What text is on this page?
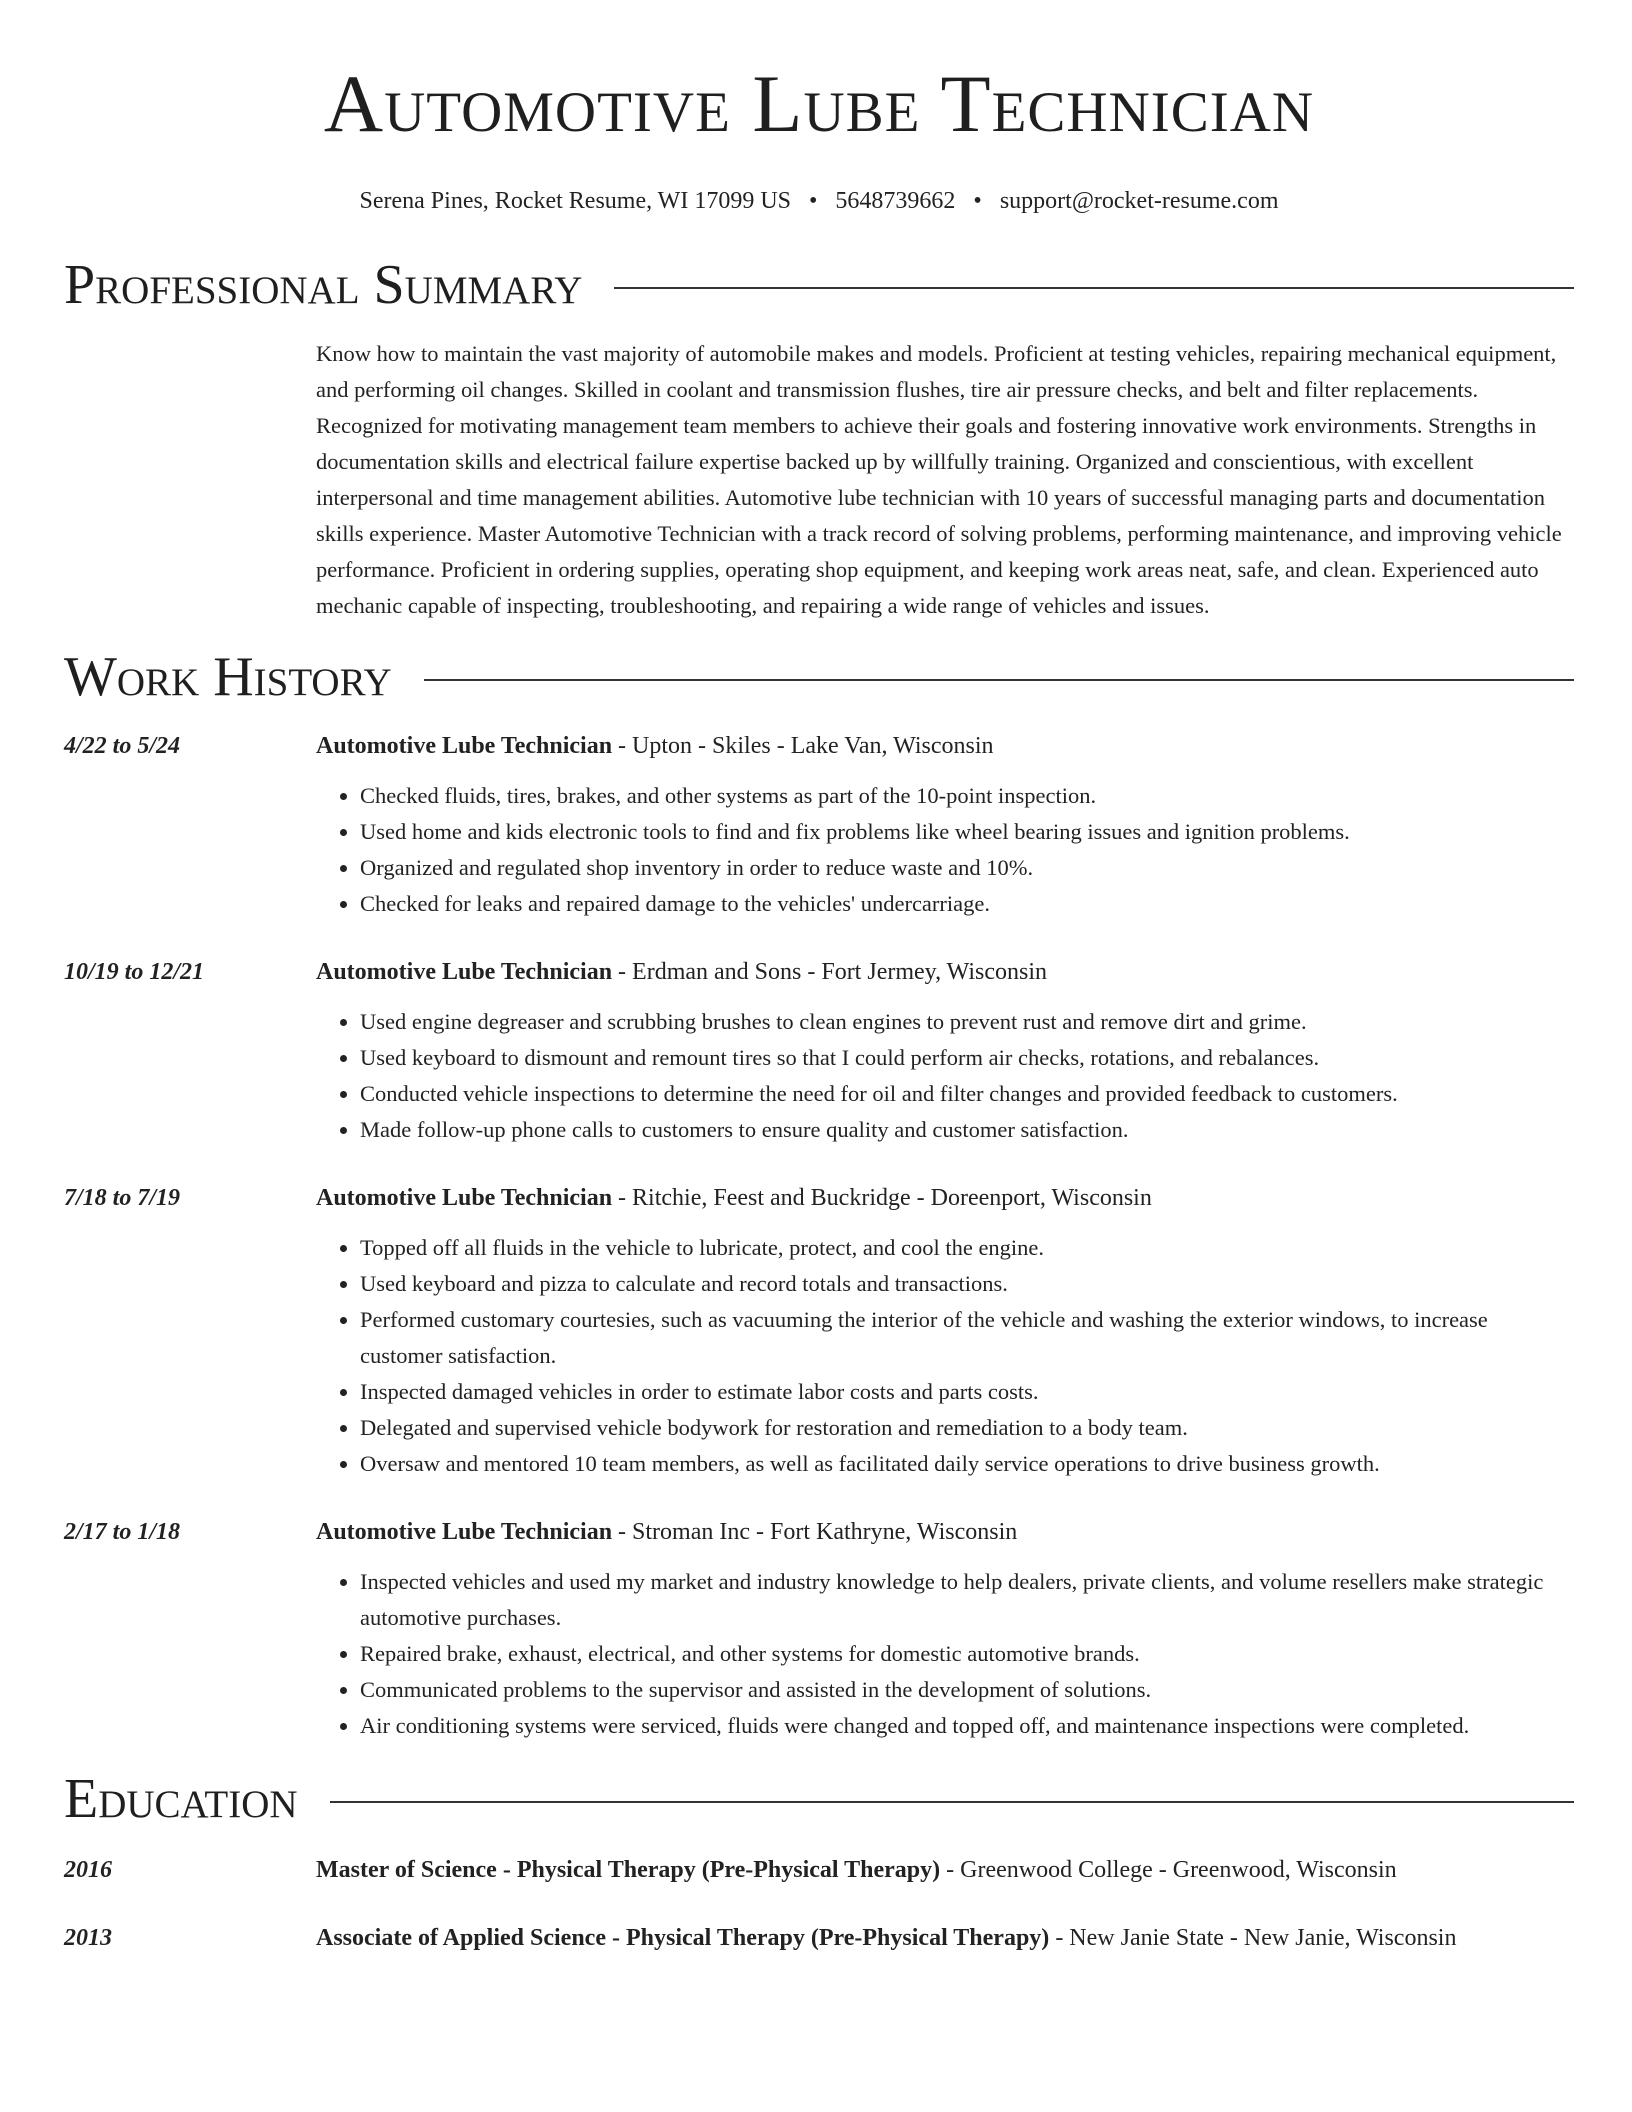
Automotive Lube Technician
Serena Pines, Rocket Resume, WI 17099 US • 5648739662 • support@rocket-resume.com
Professional Summary
Know how to maintain the vast majority of automobile makes and models. Proficient at testing vehicles, repairing mechanical equipment, and performing oil changes. Skilled in coolant and transmission flushes, tire air pressure checks, and belt and filter replacements. Recognized for motivating management team members to achieve their goals and fostering innovative work environments. Strengths in documentation skills and electrical failure expertise backed up by willfully training. Organized and conscientious, with excellent interpersonal and time management abilities. Automotive lube technician with 10 years of successful managing parts and documentation skills experience. Master Automotive Technician with a track record of solving problems, performing maintenance, and improving vehicle performance. Proficient in ordering supplies, operating shop equipment, and keeping work areas neat, safe, and clean. Experienced auto mechanic capable of inspecting, troubleshooting, and repairing a wide range of vehicles and issues.
Work History
4/22 to 5/24	Automotive Lube Technician - Upton - Skiles - Lake Van, Wisconsin
• Checked fluids, tires, brakes, and other systems as part of the 10-point inspection.
• Used home and kids electronic tools to find and fix problems like wheel bearing issues and ignition problems.
• Organized and regulated shop inventory in order to reduce waste and 10%.
• Checked for leaks and repaired damage to the vehicles' undercarriage.
10/19 to 12/21	Automotive Lube Technician - Erdman and Sons - Fort Jermey, Wisconsin
• Used engine degreaser and scrubbing brushes to clean engines to prevent rust and remove dirt and grime.
• Used keyboard to dismount and remount tires so that I could perform air checks, rotations, and rebalances.
• Conducted vehicle inspections to determine the need for oil and filter changes and provided feedback to customers.
• Made follow-up phone calls to customers to ensure quality and customer satisfaction.
7/18 to 7/19	Automotive Lube Technician - Ritchie, Feest and Buckridge - Doreenport, Wisconsin
• Topped off all fluids in the vehicle to lubricate, protect, and cool the engine.
• Used keyboard and pizza to calculate and record totals and transactions.
• Performed customary courtesies, such as vacuuming the interior of the vehicle and washing the exterior windows, to increase customer satisfaction.
• Inspected damaged vehicles in order to estimate labor costs and parts costs.
• Delegated and supervised vehicle bodywork for restoration and remediation to a body team.
• Oversaw and mentored 10 team members, as well as facilitated daily service operations to drive business growth.
2/17 to 1/18	Automotive Lube Technician - Stroman Inc - Fort Kathryne, Wisconsin
• Inspected vehicles and used my market and industry knowledge to help dealers, private clients, and volume resellers make strategic automotive purchases.
• Repaired brake, exhaust, electrical, and other systems for domestic automotive brands.
• Communicated problems to the supervisor and assisted in the development of solutions.
• Air conditioning systems were serviced, fluids were changed and topped off, and maintenance inspections were completed.
Education
2016	Master of Science - Physical Therapy (Pre-Physical Therapy) - Greenwood College - Greenwood, Wisconsin
2013	Associate of Applied Science - Physical Therapy (Pre-Physical Therapy) - New Janie State - New Janie, Wisconsin
